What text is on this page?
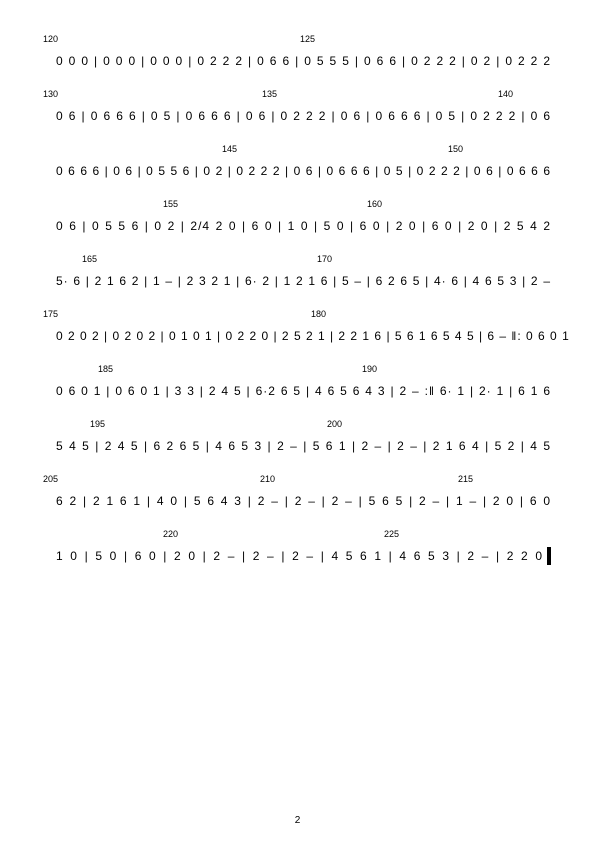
120	125
0 0 0 | 0 0 0 | 0 0 0 | 0 2 2 2 | 0 6 6 | 0 5 5 5 | 0 6 6 | 0 2 2 2 | 0 2 | 0 2 2 2
130	135	140
0 6 | 0 6 6 6 | 0 5 | 0 6 6 6 | 0 6 | 0 2 2 2 | 0 6 | 0 6 6 6 | 0 5 | 0 2 2 2 | 0 6
145	150
0 6 6 6 | 0 6 | 0 5 5 6 | 0 2 | 0 2 2 2 | 0 6 | 0 6 6 6 | 0 5 | 0 2 2 2 | 0 6 | 0 6 6 6
155	160
0 6 | 0 5 5 6 | 0 2 | 2/4 2 0 | 6 0 | 1 0 | 5 0 | 6 0 | 2 0 | 6 0 | 2 0 | 2 5 4 2
165	170
5· 6 | 2 1 6 2 | 1 – | 2 3 2 1 | 6· 2 | 1 2 1 6 | 5 – | 6 2 6 5 | 4· 6 | 4 6 5 3 | 2 –
175	180
0 2 0 2 | 0 2 0 2 | 0 1 0 1 | 0 2 2 0 | 2 5 2 1 | 2 2 1 6 | 5 6 1 6 5 4 5 | 6 – ‖: 0 6 0 1
185	190
0 6 0 1 | 0 6 0 1 | 3 3 | 2 4 5 | 6·2 6 5 | 4 6 5 6 4 3 | 2 – :‖ 6· 1 | 2· 1 | 6 1 6
195	200
5 4 5 | 2 4 5 | 6 2 6 5 | 4 6 5 3 | 2 – | 5 6 1 | 2 – | 2 – | 2 1 6 4 | 5 2 | 4 5
205	210	215
6 2 | 2 1 6 1 | 4 0 | 5 6 4 3 | 2 – | 2 – | 2 – | 5 6 5 | 2 – | 1 – | 2 0 | 6 0
220	225
1 0 | 5 0 | 6 0 | 2 0 | 2 – | 2 – | 2 – | 4 5 6 1 | 4 6 5 3 | 2 – | 2 2 0
2
